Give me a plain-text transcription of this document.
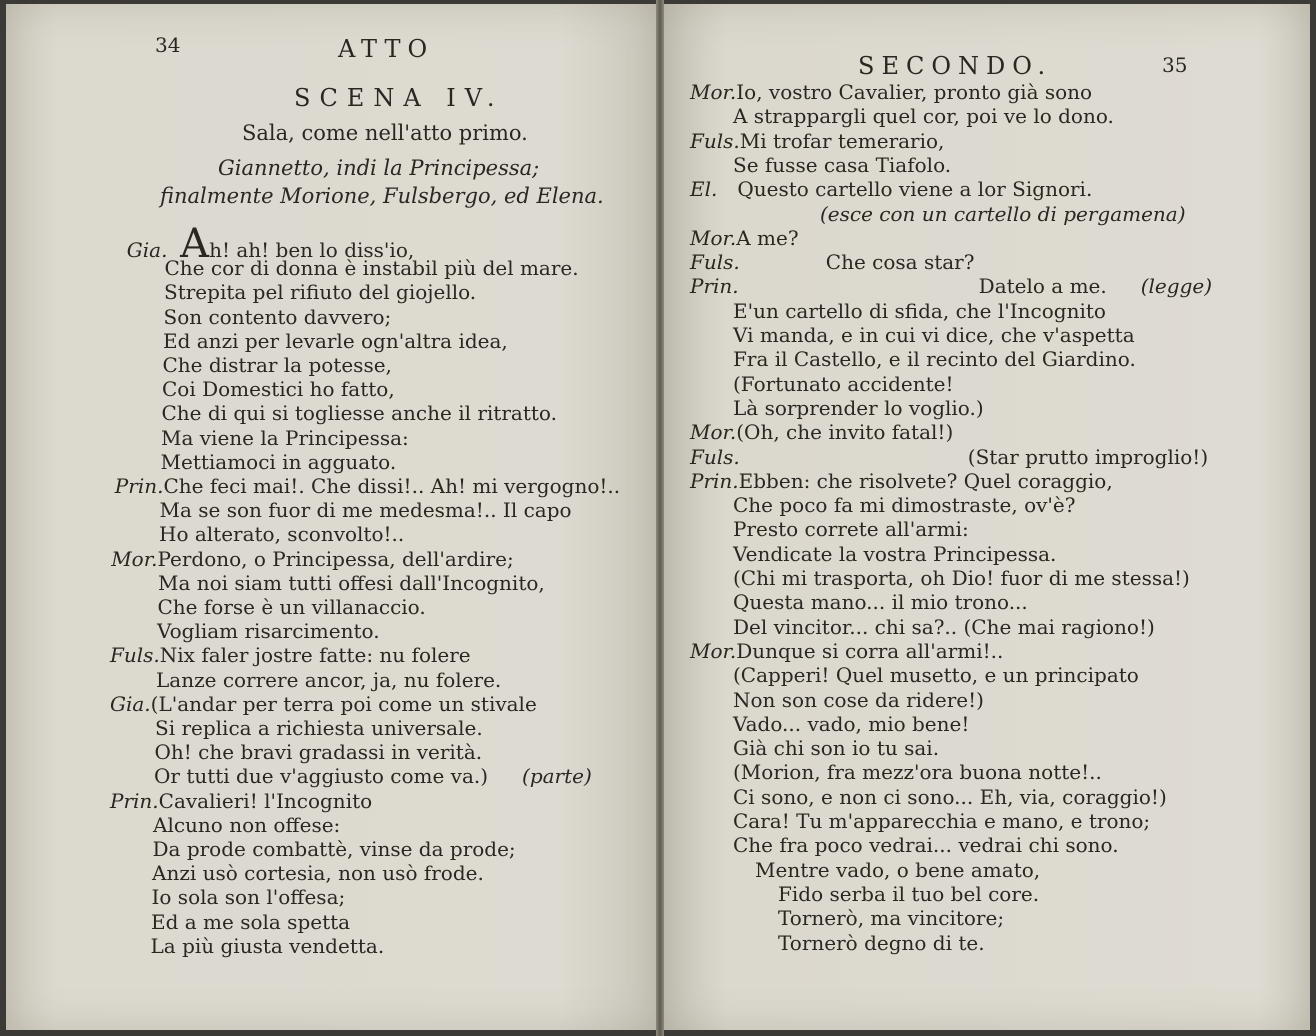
34	ATTO
SCENA IV.
Sala, come nell'atto primo.
Giannetto, indi la Principessa;
finalmente Morione, Fulsbergo, ed Elena.
Gia. Ah! ah! ben lo diss'io,
Che cor di donna è instabil più del mare.
Strepita pel rifiuto del giojello.
Son contento davvero;
Ed anzi per levarle ogn'altra idea,
Che distrar la potesse,
Coi Domestici ho fatto,
Che di qui si togliesse anche il ritratto.
Ma viene la Principessa:
Mettiamoci in agguato.
Prin.Che feci mai!. Che dissi!.. Ah! mi vergogno!..
Ma se son fuor di me medesma!.. Il capo
Ho alterato, sconvolto!..
Mor.Perdono, o Principessa, dell'ardire;
Ma noi siam tutti offesi dall'Incognito,
Che forse è un villanaccio.
Vogliam risarcimento.
Fuls.Nix faler jostre fatte: nu folere
Lanze correre ancor, ja, nu folere.
Gia.(L'andar per terra poi come un stivale
Si replica a richiesta universale.
Oh! che bravi gradassi in verità.
Or tutti due v'aggiusto come va.) (parte)
Prin.Cavalieri! l'Incognito
Alcuno non offese:
Da prode combattè, vinse da prode;
Anzi usò cortesia, non usò frode.
Io sola son l'offesa;
Ed a me sola spetta
La più giusta vendetta.
SECONDO.	35
Mor.Io, vostro Cavalier, pronto già sono
A strappargli quel cor, poi ve lo dono.
Fuls.Mi trofar temerario,
Se fusse casa Tiafolo.
El. Questo cartello viene a lor Signori.
(esce con un cartello di pergamena)
Mor.A me?
Fuls.	Che cosa star?
Prin.	Datelo a me. (legge)
E'un cartello di sfida, che l'Incognito
Vi manda, e in cui vi dice, che v'aspetta
Fra il Castello, e il recinto del Giardino.
(Fortunato accidente!
Là sorprender lo voglio.)
Mor.(Oh, che invito fatal!)
Fuls.	(Star prutto improglio!)
Prin.Ebben: che risolvete? Quel coraggio,
Che poco fa mi dimostraste, ov'è?
Presto correte all'armi:
Vendicate la vostra Principessa.
(Chi mi trasporta, oh Dio! fuor di me stessa!)
Questa mano... il mio trono...
Del vincitor... chi sa?.. (Che mai ragiono!)
Mor.Dunque si corra all'armi!..
(Capperi! Quel musetto, e un principato
Non son cose da ridere!)
Vado... vado, mio bene!
Già chi son io tu sai.
(Morion, fra mezz'ora buona notte!..
Ci sono, e non ci sono... Eh, via, coraggio!)
Cara! Tu m'apparecchia e mano, e trono;
Che fra poco vedrai... vedrai chi sono.
Mentre vado, o bene amato,
Fido serba il tuo bel core.
Tornerò, ma vincitore;
Tornerò degno di te.
